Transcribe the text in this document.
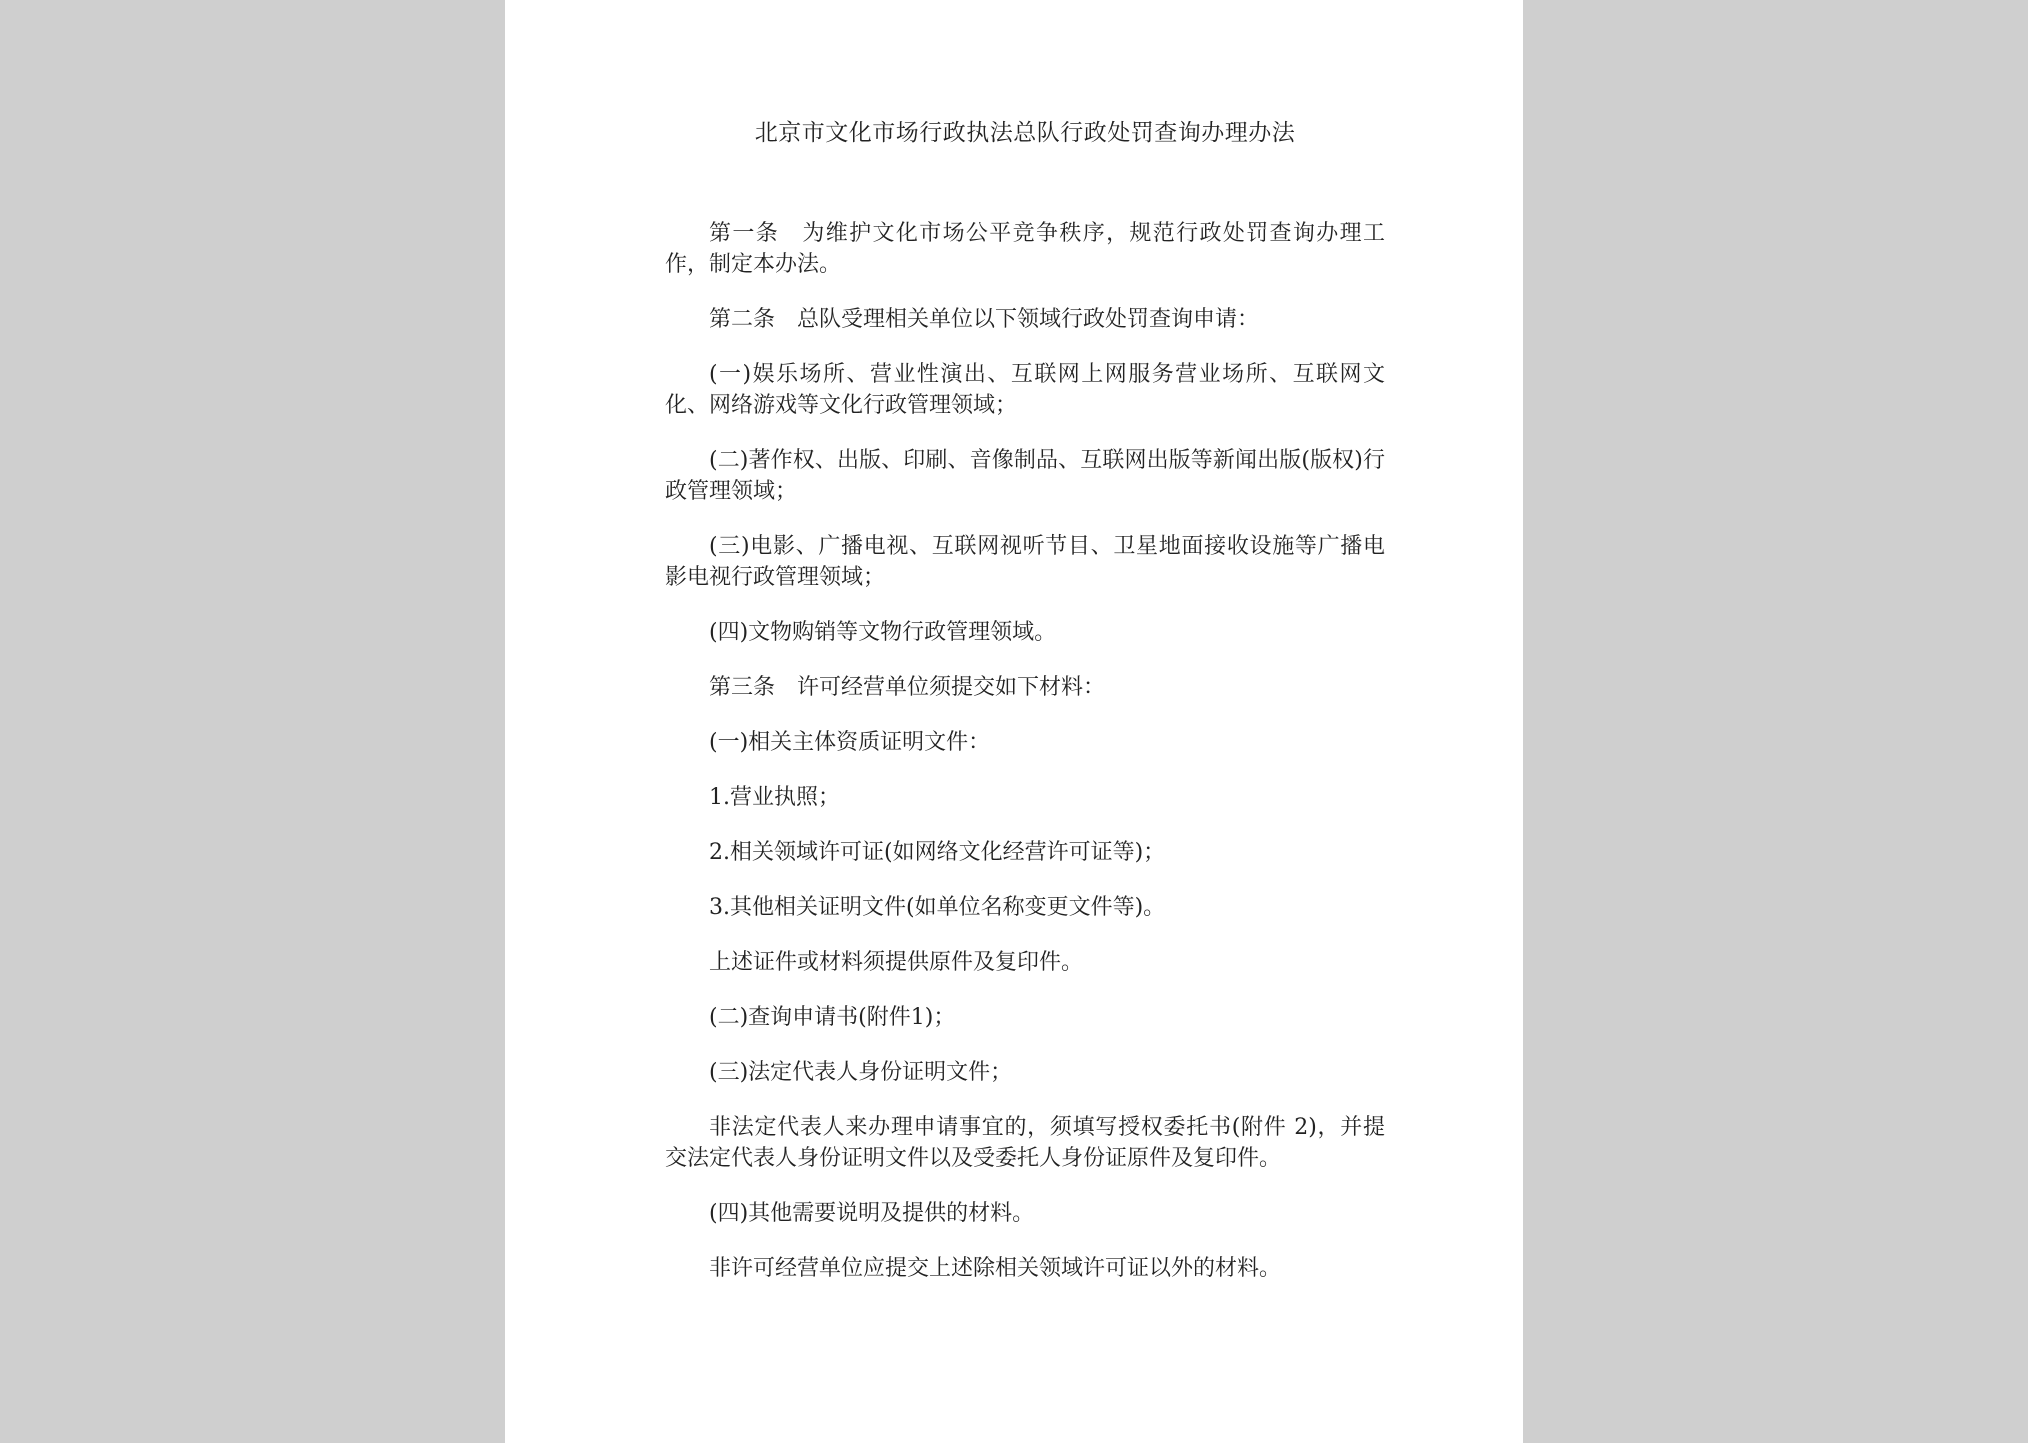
北京市文化市场行政执法总队行政处罚查询办理办法

第一条　为维护文化市场公平竞争秩序，规范行政处罚查询办理工作，制定本办法。

第二条　总队受理相关单位以下领域行政处罚查询申请：

(一)娱乐场所、营业性演出、互联网上网服务营业场所、互联网文化、网络游戏等文化行政管理领域；

(二)著作权、出版、印刷、音像制品、互联网出版等新闻出版(版权)行政管理领域；

(三)电影、广播电视、互联网视听节目、卫星地面接收设施等广播电影电视行政管理领域；

(四)文物购销等文物行政管理领域。

第三条　许可经营单位须提交如下材料：

(一)相关主体资质证明文件：

1.营业执照；

2.相关领域许可证(如网络文化经营许可证等)；

3.其他相关证明文件(如单位名称变更文件等)。

上述证件或材料须提供原件及复印件。

(二)查询申请书(附件1)；

(三)法定代表人身份证明文件；

非法定代表人来办理申请事宜的，须填写授权委托书(附件 2)，并提交法定代表人身份证明文件以及受委托人身份证原件及复印件。

(四)其他需要说明及提供的材料。

非许可经营单位应提交上述除相关领域许可证以外的材料。
